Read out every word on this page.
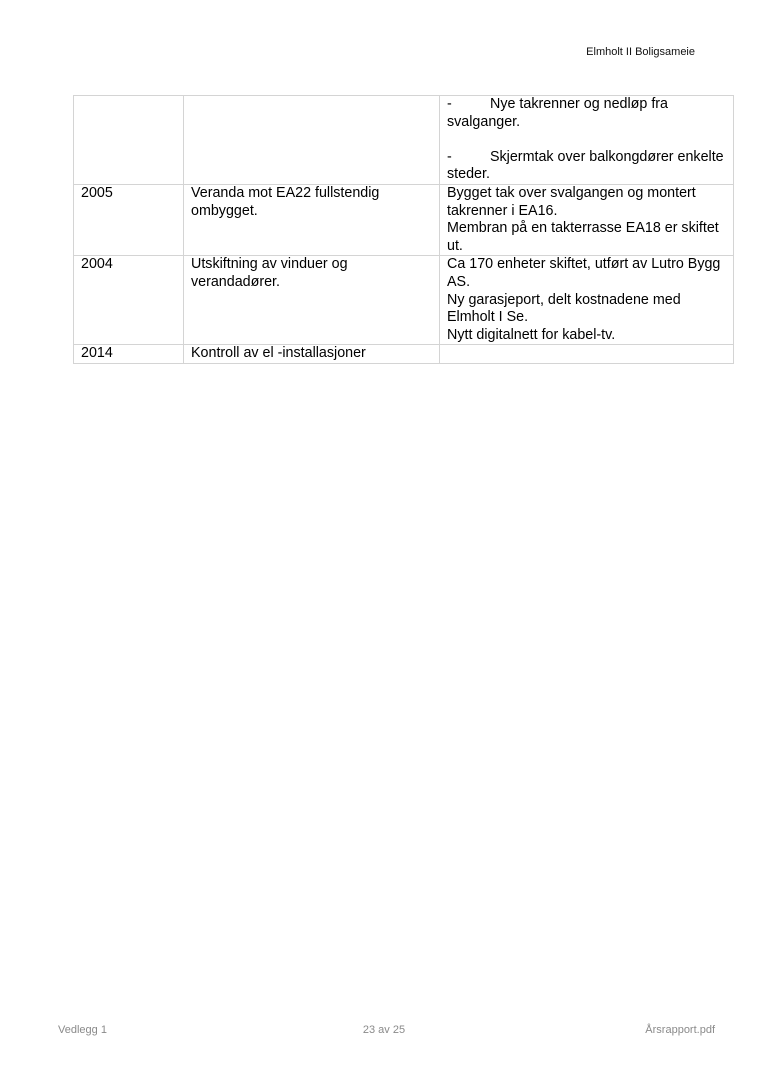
Elmholt II Boligsameie

		- Nye takrenner og nedløp fra svalganger.
- Skjermtak over balkongdører enkelte steder.

2005	Veranda mot EA22 fullstendig ombygget.	Bygget tak over svalgangen og montert takrenner i EA16.
Membran på en takterrasse EA18 er skiftet ut.

2004	Utskiftning av vinduer og verandadører.	Ca 170 enheter skiftet, utført av Lutro Bygg AS.
Ny garasjeport, delt kostnadene med Elmholt I Se.
Nytt digitalnett for kabel-tv.

2014	Kontroll av el -installasjoner	
Vedlegg 1	23 av 25	Årsrapport.pdf
